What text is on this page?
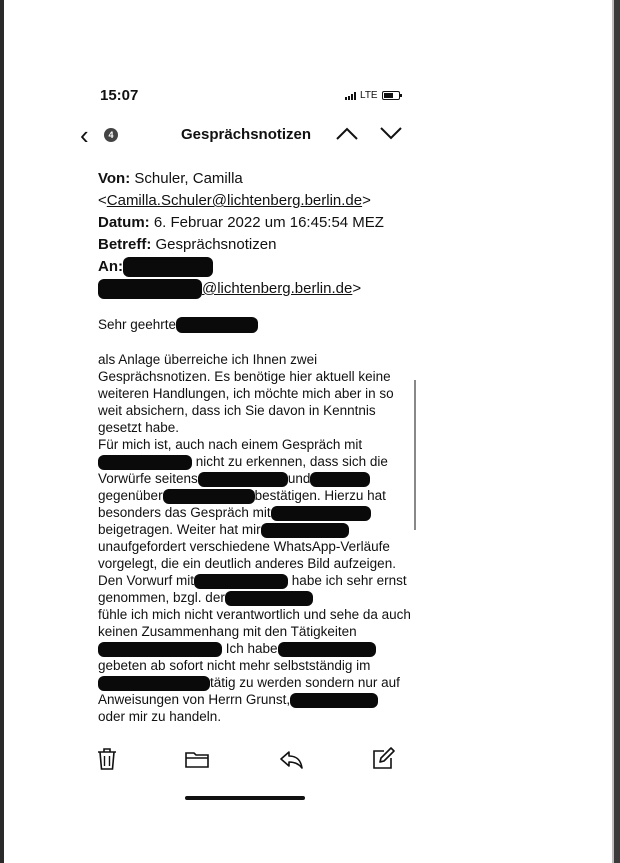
15:07	LTE
‹	4	Gesprächsnotizen
Von: Schuler, Camilla
<Camilla.Schuler@lichtenberg.berlin.de>
Datum: 6. Februar 2022 um 16:45:54 MEZ
Betreff: Gesprächsnotizen
An:
@lichtenberg.berlin.de>

Sehr geehrte

als Anlage überreiche ich Ihnen zwei Gesprächsnotizen. Es benötige hier aktuell keine weiteren Handlungen, ich möchte mich aber in so weit absichern, dass ich Sie davon in Kenntnis gesetzt habe.

Für mich ist, auch nach einem Gespräch mit
nicht zu erkennen, dass sich die
Vorwürfe seitens	und
gegenüber	bestätigen. Hierzu hat
besonders das Gespräch mit
beigetragen. Weiter hat mir
unaufgefordert verschiedene WhatsApp-Verläufe vorgelegt, die ein deutlich anderes Bild aufzeigen. Den Vorwurf mit	habe ich sehr ernst genommen, bzgl. der
fühle ich mich nicht verantwortlich und sehe da auch keinen Zusammenhang mit den Tätigkeiten
Ich habe
gebeten ab sofort nicht mehr selbstständig im
tätig zu werden sondern nur auf Anweisungen von Herrn Grunst,
oder mir zu handeln.
